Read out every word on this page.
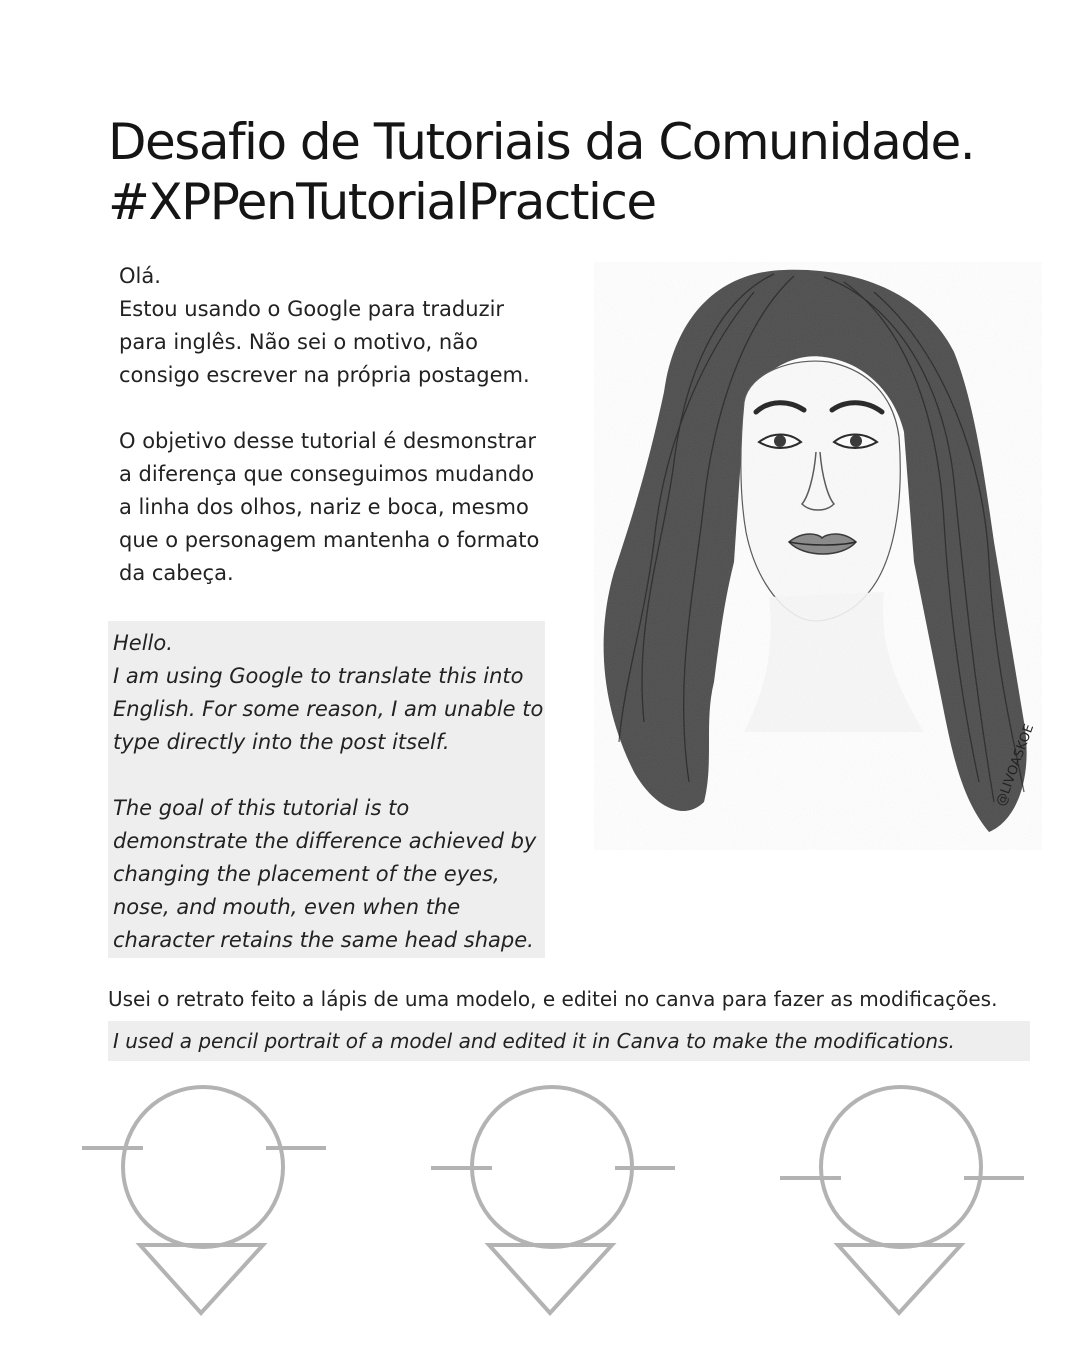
Desafio de Tutoriais da Comunidade.
#XPPenTutorialPractice

Olá.
Estou usando o Google para traduzir para inglês. Não sei o motivo, não consigo escrever na própria postagem.

O objetivo desse tutorial é desmonstrar a diferença que conseguimos mudando a linha dos olhos, nariz e boca, mesmo que o personagem mantenha o formato da cabeça.

Hello.
I am using Google to translate this into English. For some reason, I am unable to type directly into the post itself.

The goal of this tutorial is to demonstrate the difference achieved by changing the placement of the eyes, nose, and mouth, even when the character retains the same head shape.

@LIVOASKOE
Usei o retrato feito a lápis de uma modelo, e editei no canva para fazer as modificações.
I used a pencil portrait of a model and edited it in Canva to make the modifications.
